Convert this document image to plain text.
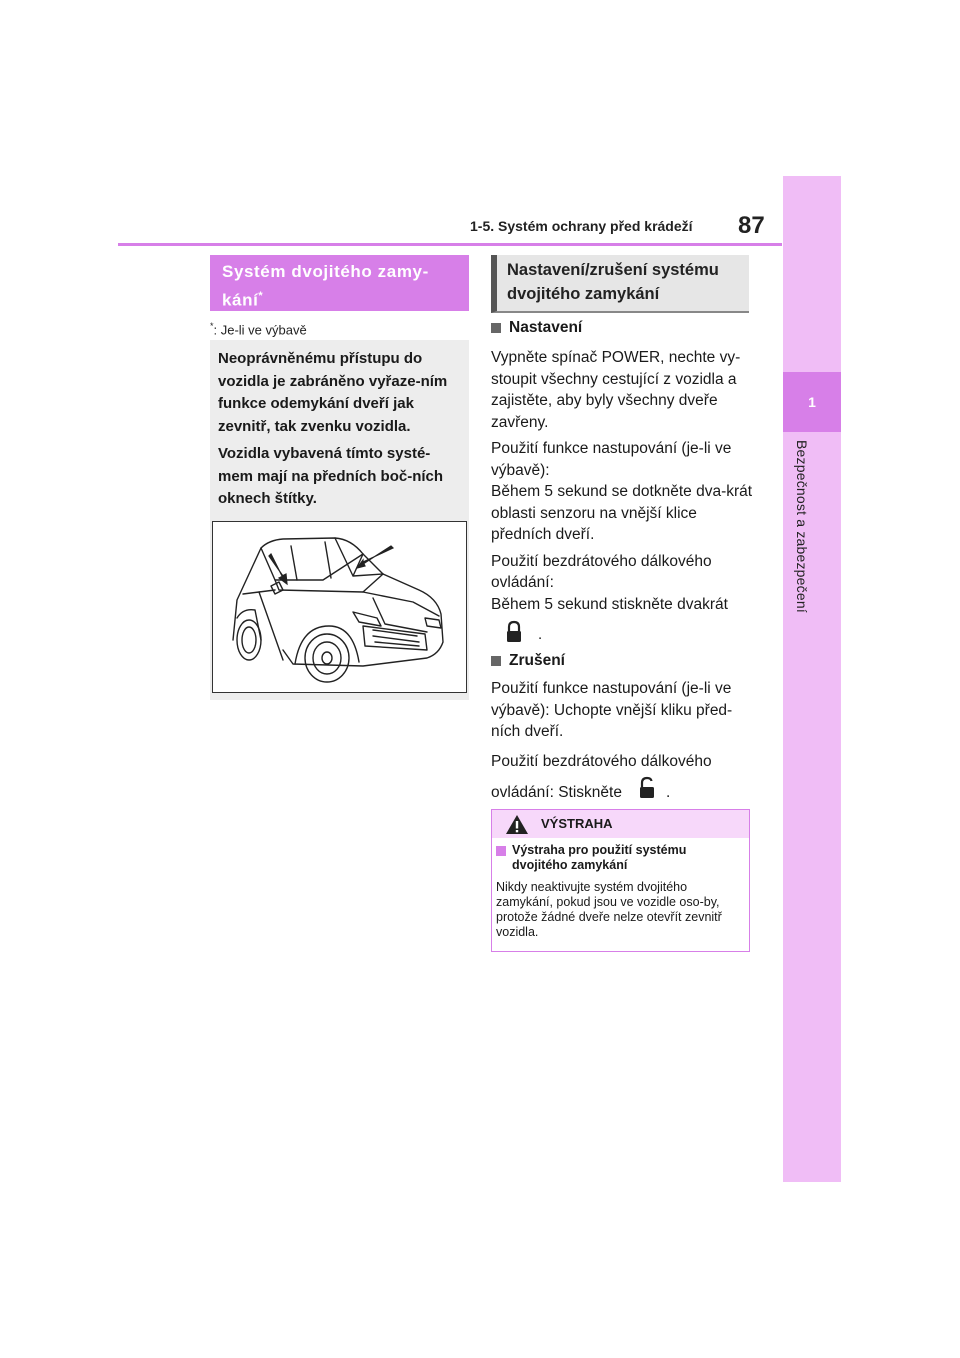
1-5. Systém ochrany před krádeží 87
1
Bezpečnost a zabezpečení
Systém dvojitého zamy-
kání*
*: Je-li ve výbavě

Neoprávněnému přístupu do vozidla je zabráněno vyřaze-ním funkce odemykání dveří jak zevnitř, tak zvenku vozidla.

Vozidla vybavená tímto systé-mem mají na předních boč-ních oknech štítky.

Nastavení/zrušení systému dvojitého zamykání
Nastavení

Vypněte spínač POWER, nechte vy-stoupit všechny cestující z vozidla a zajistěte, aby byly všechny dveře zavřeny.

Použití funkce nastupování (je-li ve výbavě):
Během 5 sekund se dotkněte dva-krát oblasti senzoru na vnější klice předních dveří.

Použití bezdrátového dálkového ovládání:
Během 5 sekund stiskněte dvakrát

.
Zrušení

Použití funkce nastupování (je-li ve výbavě): Uchopte vnější kliku před-ních dveří.

Použití bezdrátového dálkového
ovládání: Stiskněte	.

VÝSTRAHA
Výstraha pro použití systému dvojitého zamykání
Nikdy neaktivujte systém dvojitého zamykání, pokud jsou ve vozidle oso-by, protože žádné dveře nelze otevřít zevnitř vozidla.
